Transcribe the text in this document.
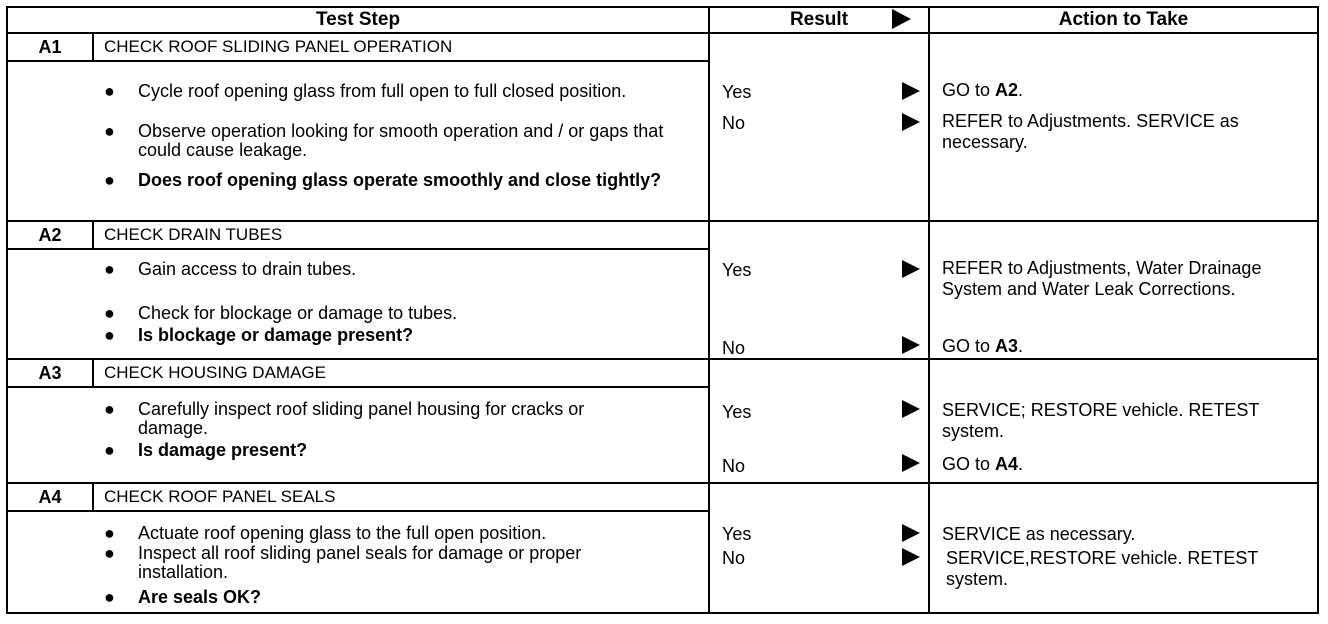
Test Step	Result	Action to Take
A1	CHECK ROOF SLIDING PANEL OPERATION
● Cycle roof opening glass from full open to full closed position.
● Observe operation looking for smooth operation and / or gaps that could cause leakage.
● Does roof opening glass operate smoothly and close tightly?
Yes	GO to A2.
No	REFER to Adjustments. SERVICE as necessary.
A2	CHECK DRAIN TUBES
● Gain access to drain tubes.
● Check for blockage or damage to tubes.
● Is blockage or damage present?
Yes	REFER to Adjustments, Water Drainage System and Water Leak Corrections.
No	GO to A3.
A3	CHECK HOUSING DAMAGE
● Carefully inspect roof sliding panel housing for cracks or damage.
● Is damage present?
Yes	SERVICE; RESTORE vehicle. RETEST system.
No	GO to A4.
A4	CHECK ROOF PANEL SEALS
● Actuate roof opening glass to the full open position.
● Inspect all roof sliding panel seals for damage or proper installation.
● Are seals OK?
Yes	SERVICE as necessary.
No	SERVICE,RESTORE vehicle. RETEST system.
